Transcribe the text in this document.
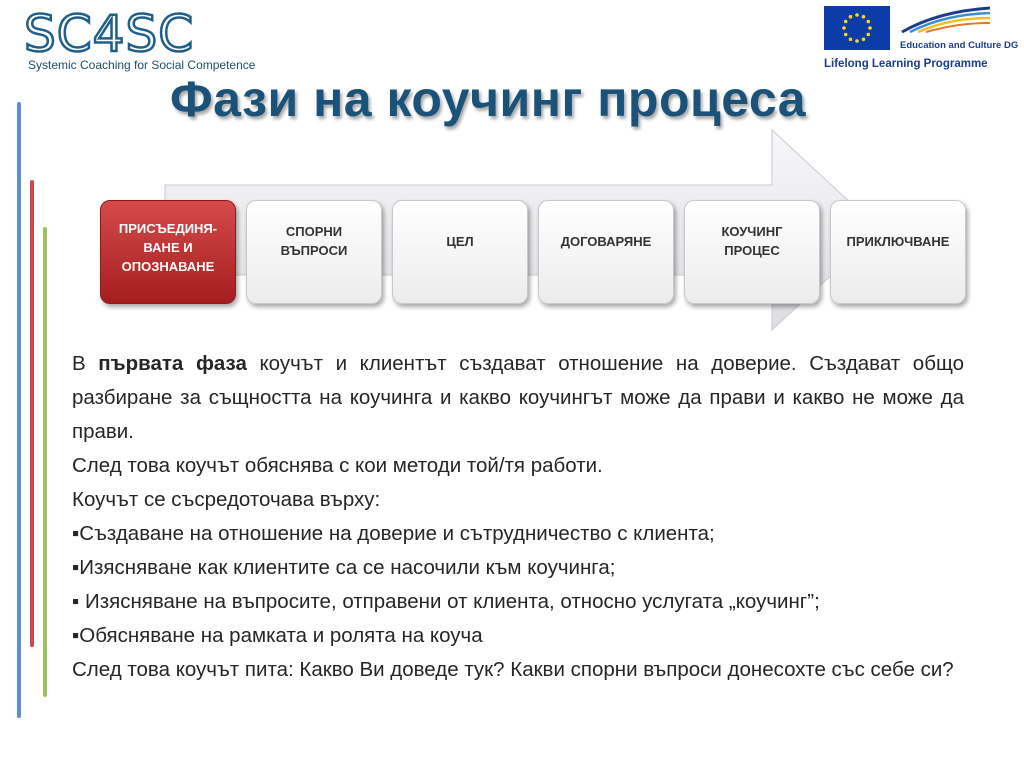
SC4SC
Systemic Coaching for Social Competence
Education and Culture DG
Lifelong Learning Programme
Фази на коучинг процеса
ПРИСЪЕДИНЯ-
ВАНЕ И
ОПОЗНАВАНЕ
СПОРНИ
ВЪПРОСИ
ЦЕЛ	ДОГОВАРЯНЕ
КОУЧИНГ
ПРОЦЕС
ПРИКЛЮЧВАНЕ

В първата фаза коучът и клиентът създават отношение на доверие. Създават общо разбиране за същността на коучинга и какво коучингът може да прави и какво не може да прави.

След това коучът обяснява с кои методи той/тя работи.

Коучът се съсредоточава върху:

▪Създаване на отношение на доверие и сътрудничество с клиента;

▪Изясняване как клиентите са се насочили към коучинга;

▪ Изясняване на въпросите, отправени от клиента, относно услугата „коучинг”;

▪Обясняване на рамката и ролята на коуча

След това коучът пита: Какво Ви доведе тук? Какви спорни въпроси донесохте със себе си?
